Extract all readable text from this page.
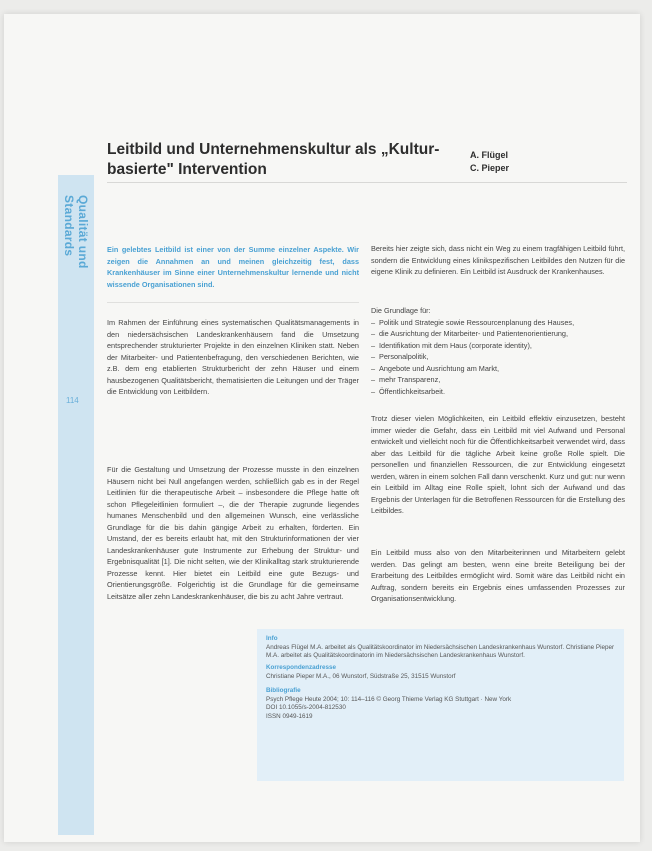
Qualität und Standards
114
Leitbild und Unternehmenskultur als „Kultur-basierte" Intervention
A. Flügel
C. Pieper
Ein gelebtes Leitbild ist einer von der Summe einzelner Aspekte. Wir zeigen die Annahmen an und meinen gleichzeitig fest, dass Krankenhäuser im Sinne einer Unternehmenskultur lernende und nicht wissende Organisationen sind.

Im Rahmen der Einführung eines systematischen Qualitätsmanagements in den niedersächsischen Landeskrankenhäusern fand die Umsetzung entsprechender strukturierter Projekte in den einzelnen Kliniken statt. Neben der Mitarbeiter- und Patientenbefragung, den verschiedenen Berichten, wie z.B. dem eng etablierten Strukturbericht der zehn Häuser und einem hausbezogenen Qualitätsbericht, thematisierten die Leitungen und der Träger die Entwicklung von Leitbildern.

Für die Gestaltung und Umsetzung der Prozesse musste in den einzelnen Häusern nicht bei Null angefangen werden, schließlich gab es in der Regel Leitlinien für die therapeutische Arbeit – insbesondere die Pflege hatte oft schon Pflegeleitlinien formuliert –, die der Therapie zugrunde liegendes humanes Menschenbild und den allgemeinen Wunsch, eine verlässliche Grundlage für die bis dahin gängige Arbeit zu erhalten, förderten. Ein Umstand, der es bereits erlaubt hat, mit den Strukturinformationen der vier Landeskrankenhäuser gute Instrumente zur Erhebung der Struktur- und Ergebnisqualität [1]. Die nicht selten, wie der Klinikalltag stark strukturierende Prozesse kennt. Hier bietet ein Leitbild eine gute Bezugs- und Orientierungsgröße. Folgerichtig ist die Grundlage für die gemeinsame Leitsätze aller zehn Landeskrankenhäuser, die bis zu acht Jahre vertraut.

Bereits hier zeigte sich, dass nicht ein Weg zu einem tragfähigen Leitbild führt, sondern die Entwicklung eines klinikspezifischen Leitbildes den Nutzen für die eigene Klinik zu definieren. Ein Leitbild ist Ausdruck der Krankenhauses.

Die Grundlage für:
– Politik und Strategie sowie Ressourcenplanung des Hauses,
– die Ausrichtung der Mitarbeiter- und Patientenorientierung,
– Identifikation mit dem Haus (corporate identity),
– Personalpolitik,
– Angebote und Ausrichtung am Markt,
– mehr Transparenz,
– Öffentlichkeitsarbeit.

Trotz dieser vielen Möglichkeiten, ein Leitbild effektiv einzusetzen, besteht immer wieder die Gefahr, dass ein Leitbild mit viel Aufwand und Personal entwickelt und vielleicht noch für die Öffentlichkeitsarbeit verwendet wird, dass aber das Leitbild für die tägliche Arbeit keine große Rolle spielt. Die personellen und finanziellen Ressourcen, die zur Entwicklung eingesetzt werden, wären in einem solchen Fall dann verschenkt. Kurz und gut: nur wenn ein Leitbild im Alltag eine Rolle spielt, lohnt sich der Aufwand und das Ergebnis der Unterlagen für die Betroffenen Ressourcen für die Erstellung des Leitbildes.

Ein Leitbild muss also von den Mitarbeiterinnen und Mitarbeitern gelebt werden. Das gelingt am besten, wenn eine breite Beteiligung bei der Erarbeitung des Leitbildes ermöglicht wird. Somit wäre das Leitbild nicht ein Auftrag, sondern bereits ein Ergebnis eines umfassenden Prozesses zur Organisationsentwicklung.

Info
Andreas Flügel M.A. arbeitet als Qualitätskoordinator im Niedersächsischen Landeskrankenhaus Wunstorf. Christiane Pieper M.A. arbeitet als Qualitätskoordinatorin im Niedersächsischen Landeskrankenhaus Wunstorf.
Korrespondenzadresse
Christiane Pieper M.A., 06 Wunstorf, Südstraße 25, 31515 Wunstorf
Bibliografie
Psych Pflege Heute 2004; 10: 114–116 © Georg Thieme Verlag KG Stuttgart · New York
DOI 10.1055/s-2004-812530
ISSN 0949-1619
